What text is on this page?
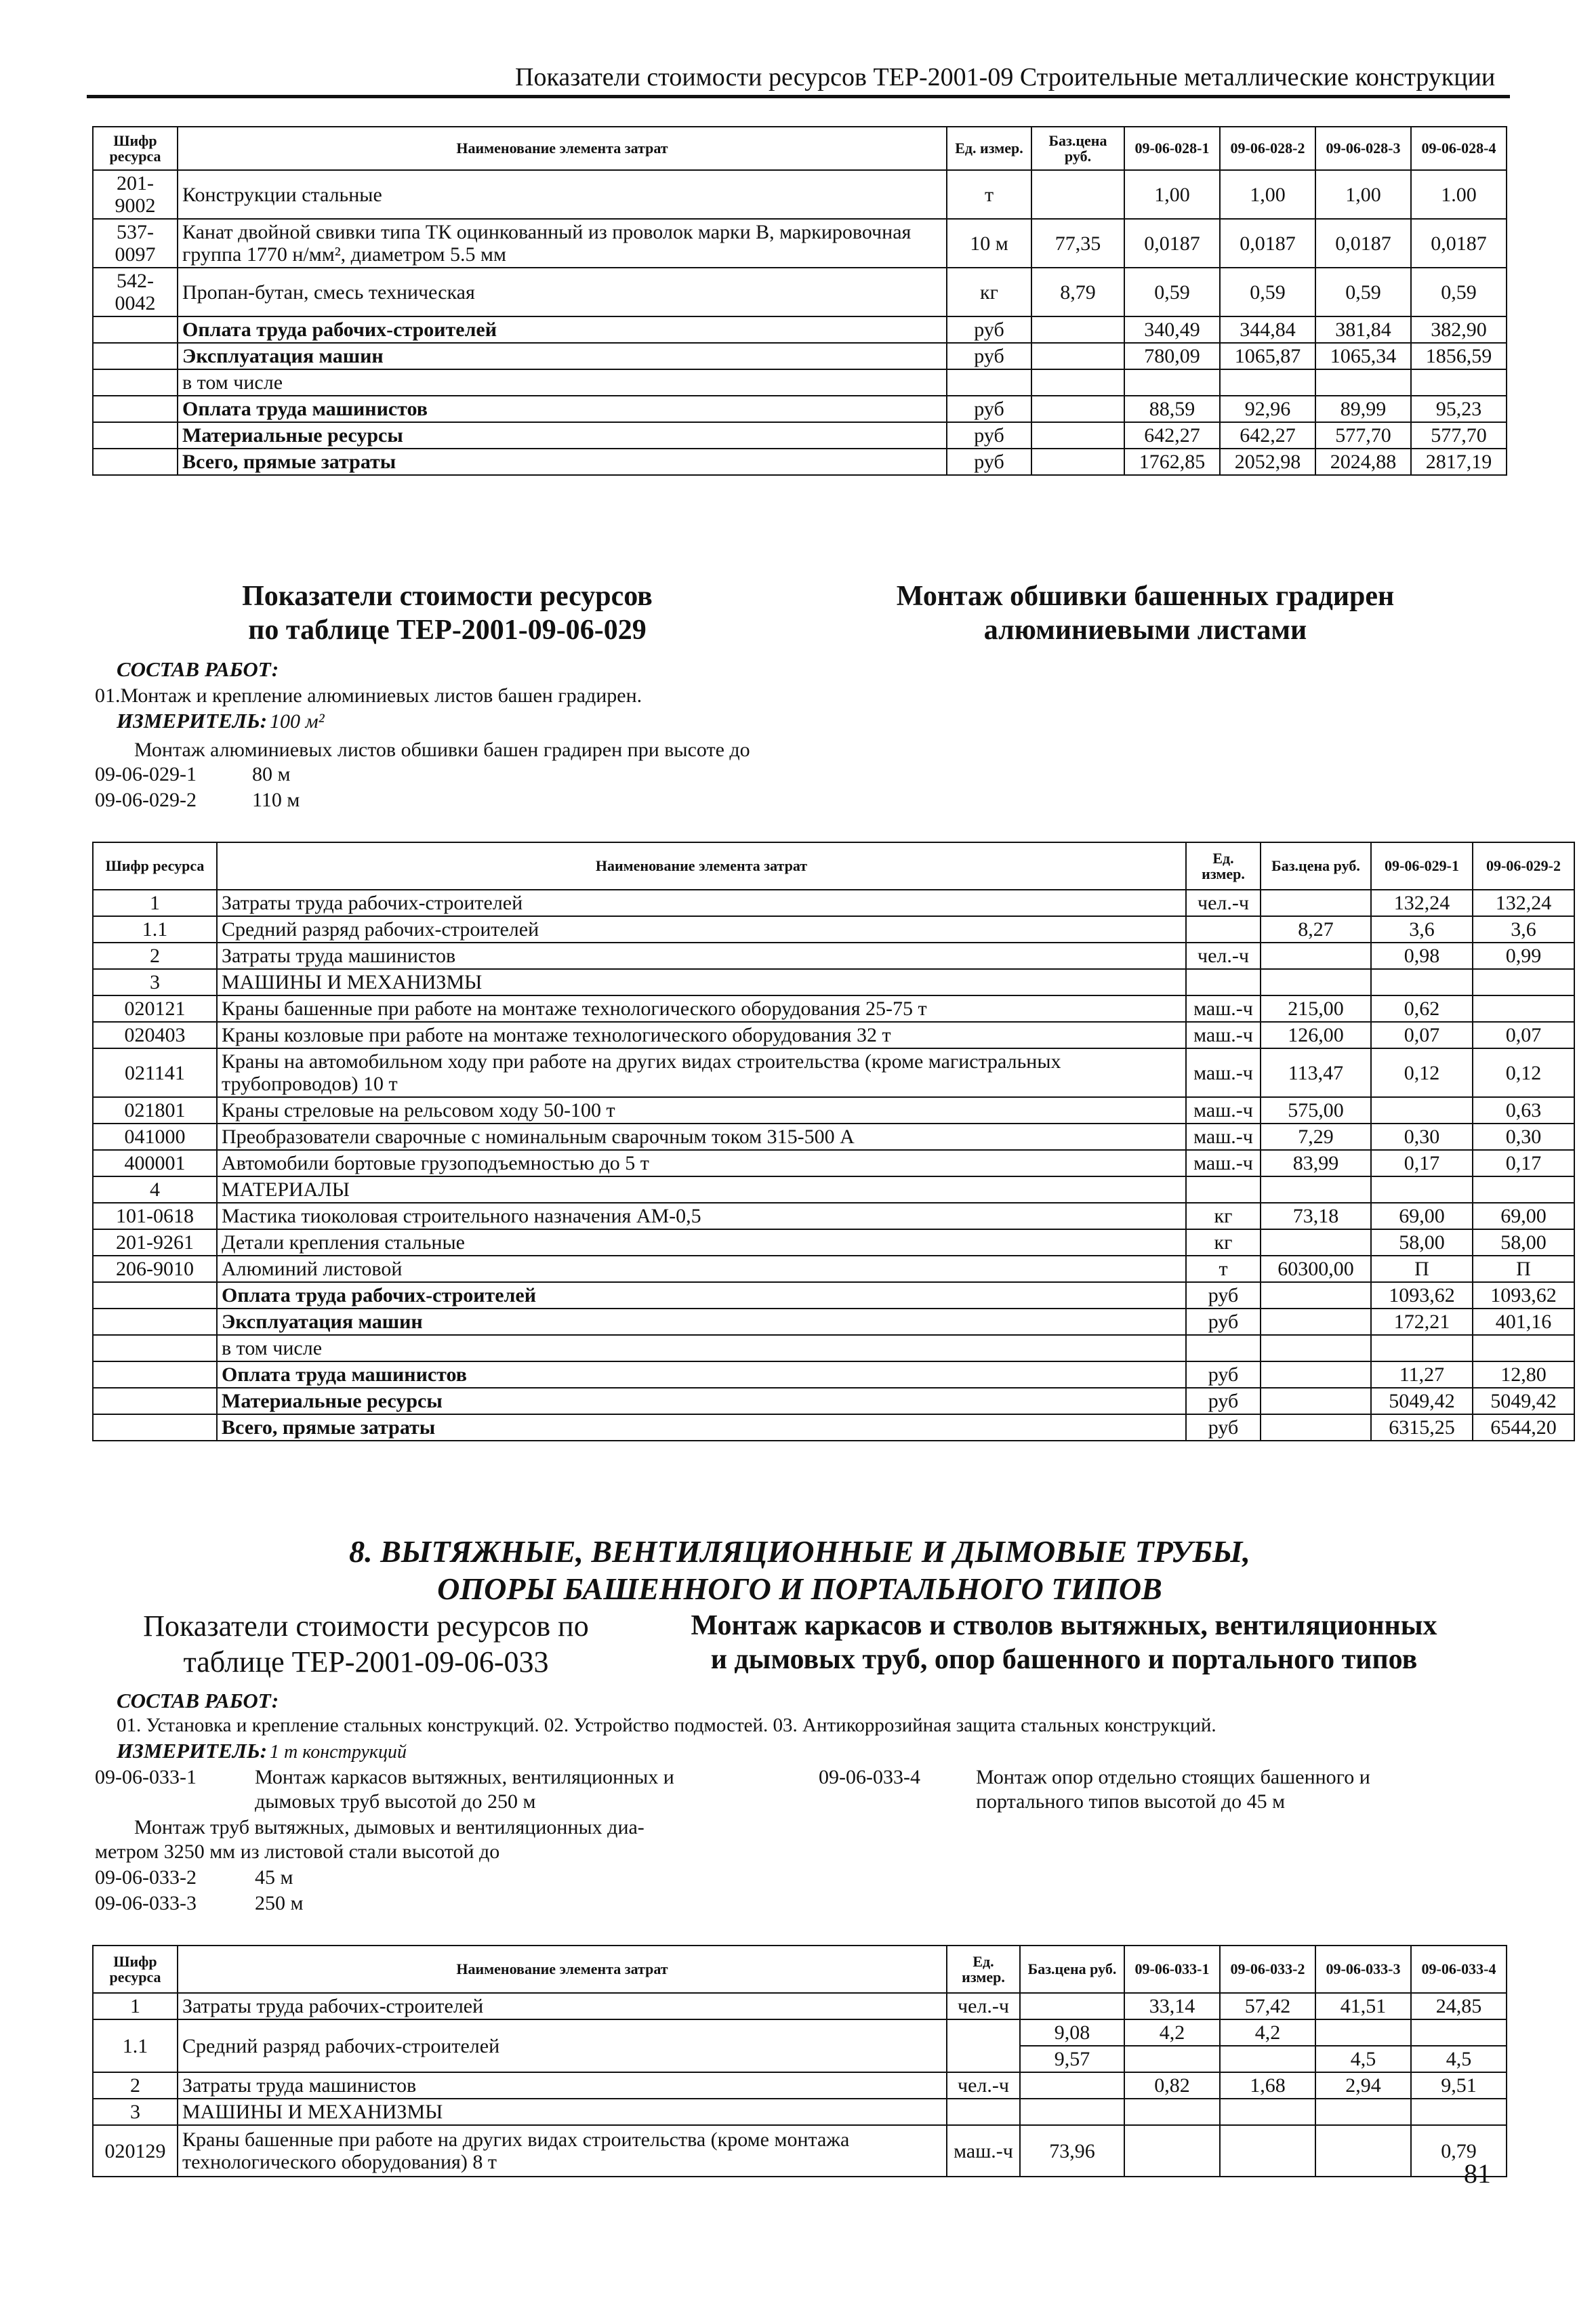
Показатели стоимости ресурсов ТЕР-2001-09 Строительные металлические конструкции
Шифр ресурса	Наименование элемента затрат	Ед. измер.	Баз.цена руб.	09-06-028-1	09-06-028-2	09-06-028-3	09-06-028-4
201-9002	Конструкции стальные	т		1,00	1,00	1,00	1.00
537-0097	Канат двойной свивки типа ТК оцинкованный из проволок марки В, маркировочная группа 1770 н/мм², диаметром 5.5 мм	10 м	77,35	0,0187	0,0187	0,0187	0,0187
542-0042	Пропан-бутан, смесь техническая	кг	8,79	0,59	0,59	0,59	0,59
	Оплата труда рабочих-строителей	руб		340,49	344,84	381,84	382,90
	Эксплуатация машин	руб		780,09	1065,87	1065,34	1856,59
	в том числе						
	Оплата труда машинистов	руб		88,59	92,96	89,99	95,23
	Материальные ресурсы	руб		642,27	642,27	577,70	577,70
	Всего, прямые затраты	руб		1762,85	2052,98	2024,88	2817,19
Показатели стоимости ресурсов
по таблице ТЕР-2001-09-06-029
Монтаж обшивки башенных градирен
алюминиевыми листами
СОСТАВ РАБОТ:
01.Монтаж и крепление алюминиевых листов башен градирен.
ИЗМЕРИТЕЛЬ: 100 м²
Монтаж алюминиевых листов обшивки башен градирен при высоте до
09-06-029-1	80 м
09-06-029-2	110 м
Шифр ресурса	Наименование элемента затрат	Ед. измер.	Баз.цена руб.	09-06-029-1	09-06-029-2
1	Затраты труда рабочих-строителей	чел.-ч		132,24	132,24
1.1	Средний разряд рабочих-строителей		8,27	3,6	3,6
2	Затраты труда машинистов	чел.-ч		0,98	0,99
3	МАШИНЫ И МЕХАНИЗМЫ				
020121	Краны башенные при работе на монтаже технологического оборудования 25-75 т	маш.-ч	215,00	0,62	
020403	Краны козловые при работе на монтаже технологического оборудования 32 т	маш.-ч	126,00	0,07	0,07
021141	Краны на автомобильном ходу при работе на других видах строительства (кроме магистральных трубопроводов) 10 т	маш.-ч	113,47	0,12	0,12
021801	Краны стреловые на рельсовом ходу 50-100 т	маш.-ч	575,00		0,63
041000	Преобразователи сварочные с номинальным сварочным током 315-500 А	маш.-ч	7,29	0,30	0,30
400001	Автомобили бортовые грузоподъемностью до 5 т	маш.-ч	83,99	0,17	0,17
4	МАТЕРИАЛЫ				
101-0618	Мастика тиоколовая строительного назначения АМ-0,5	кг	73,18	69,00	69,00
201-9261	Детали крепления стальные	кг		58,00	58,00
206-9010	Алюминий листовой	т	60300,00	П	П
	Оплата труда рабочих-строителей	руб		1093,62	1093,62
	Эксплуатация машин	руб		172,21	401,16
	в том числе				
	Оплата труда машинистов	руб		11,27	12,80
	Материальные ресурсы	руб		5049,42	5049,42
	Всего, прямые затраты	руб		6315,25	6544,20
8. ВЫТЯЖНЫЕ, ВЕНТИЛЯЦИОННЫЕ И ДЫМОВЫЕ ТРУБЫ,
ОПОРЫ БАШЕННОГО И ПОРТАЛЬНОГО ТИПОВ
Показатели стоимости ресурсов по
таблице ТЕР-2001-09-06-033
Монтаж каркасов и стволов вытяжных, вентиляционных
и дымовых труб, опор башенного и портального типов
СОСТАВ РАБОТ:
01. Установка и крепление стальных конструкций. 02. Устройство подмостей. 03. Антикоррозийная защита стальных конструкций.
ИЗМЕРИТЕЛЬ: 1 т конструкций
09-06-033-1	Монтаж каркасов вытяжных, вентиляционных и
дымовых труб высотой до 250 м
09-06-033-4	Монтаж опор отдельно стоящих башенного и
портального типов высотой до 45 м
Монтаж труб вытяжных, дымовых и вентиляционных диа-
метром 3250 мм из листовой стали высотой до
09-06-033-2	45 м
09-06-033-3	250 м
Шифр ресурса	Наименование элемента затрат	Ед. измер.	Баз.цена руб.	09-06-033-1	09-06-033-2	09-06-033-3	09-06-033-4
1	Затраты труда рабочих-строителей	чел.-ч		33,14	57,42	41,51	24,85
1.1	Средний разряд рабочих-строителей		9,08	4,2	4,2		
			9,57			4,5	4,5
2	Затраты труда машинистов	чел.-ч		0,82	1,68	2,94	9,51
3	МАШИНЫ И МЕХАНИЗМЫ						
020129	Краны башенные при работе на других видах строительства (кроме монтажа технологического оборудования) 8 т	маш.-ч	73,96				0,79
81
